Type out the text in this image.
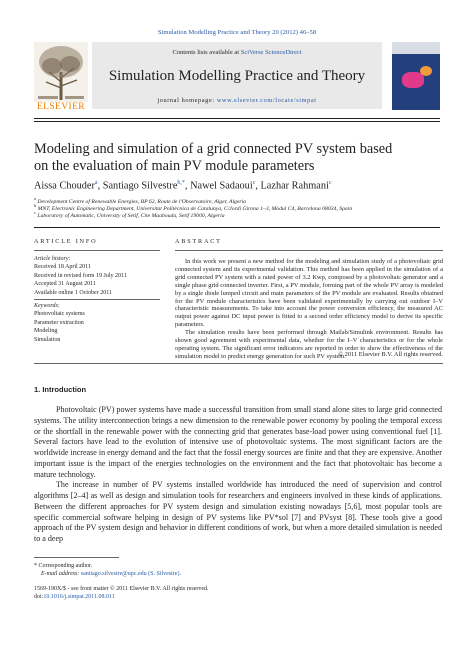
Simulation Modelling Practice and Theory 20 (2012) 46–58
ELSEVIER
Contents lists available at SciVerse ScienceDirect
Simulation Modelling Practice and Theory
journal homepage: www.elsevier.com/locate/simpat
Modeling and simulation of a grid connected PV system based
on the evaluation of main PV module parameters
Aissa Chouder$^a$, Santiago Silvestre$^{b,*}$, Nawel Sadaoui$^c$, Lazhar Rahmani$^c$
$^a$ Development Centre of Renewable Energies, BP 62, Route de l'Observatoire, Alger, Algeria
$^b$ MNT, Electronic Engineering Department, Universitat Politècnica de Catalunya, C/Jordi Girona 1–3, Mòdul C4, Barcelona 08034, Spain
$^c$ Laboratory of Automatic, University of Setif, Cite Maabouda, Setif 19000, Algeria
ARTICLE INFO	ABSTRACT
Article history:
Received 18 April 2011
Received in revised form 19 July 2011
Accepted 31 August 2011
Available online 1 October 2011
Keywords:
Photovoltaic systems
Parameter extraction
Modeling
Simulation

In this work we present a new method for the modeling and simulation study of a photovoltaic grid connected system and its experimental validation. This method has been applied in the simulation of a grid connected PV system with a rated power of 3.2 Kwp, composed by a photovoltaic generator and a single phase grid connected inverter. First, a PV module, forming part of the whole PV array is modeled by a single diode lumped circuit and main parameters of the PV module are evaluated. Results obtained for the PV module characteristics have been validated experimentally by carrying out outdoor I–V characteristic measurements. To take into account the power conversion efficiency, the measured AC output power against DC input power is fitted to a second order efficiency model to derive its specific parameters.

The simulation results have been performed through Matlab/Simulink environment. Results has shown good agreement with experimental data, whether for the I–V characteristics or for the whole operating system. The significant error indicators are reported in order to show the effectiveness of the simulation model to predict energy generation for such PV system.

© 2011 Elsevier B.V. All rights reserved.
1. Introduction

Photovoltaic (PV) power systems have made a successful transition from small stand alone sites to large grid connected systems. The utility interconnection brings a new dimension to the renewable power economy by pooling the temporal excess or the shortfall in the renewable power with the connecting grid that generates base-load power using conventional fuel [1]. Several factors have lead to the evolution of intensive use of photovoltaic systems. The most significant factors are the worldwide increase in energy demand and the fact that the fossil energy sources are finite and that they are expensive. Another important issue is the impact of the energies technologies on the environment and the fact that photovoltaic has become a mature technology.

The increase in number of PV systems installed worldwide has introduced the need of supervision and control algorithms [2–4] as well as design and simulation tools for researchers and engineers involved in these kinds of applications. Between the different approaches for PV system design and simulation existing nowadays [5,6], most popular tools are specific commercial software helping in design of PV systems like PV*sol [7] and PVsyst [8]. These tools give a good approach of the PV system design and behavior in different conditions of work, but when a more detailed simulation is needed to a deep

* Corresponding author.
E-mail address: santiago.silvestre@upc.edu (S. Silvestre).
1569-190X/$ - see front matter © 2011 Elsevier B.V. All rights reserved.
doi:10.1016/j.simpat.2011.08.011
